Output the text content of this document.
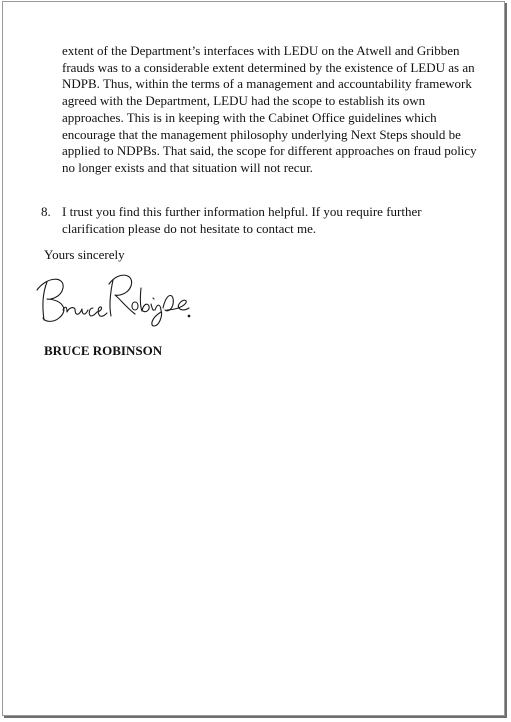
extent of the Department’s interfaces with LEDU on the Atwell and Gribben frauds was to a considerable extent determined by the existence of LEDU as an NDPB. Thus, within the terms of a management and accountability framework agreed with the Department, LEDU had the scope to establish its own approaches. This is in keeping with the Cabinet Office guidelines which encourage that the management philosophy underlying Next Steps should be applied to NDPBs. That said, the scope for different approaches on fraud policy no longer exists and that situation will not recur.

8. I trust you find this further information helpful. If you require further clarification please do not hesitate to contact me.

Yours sincerely

BRUCE ROBINSON
